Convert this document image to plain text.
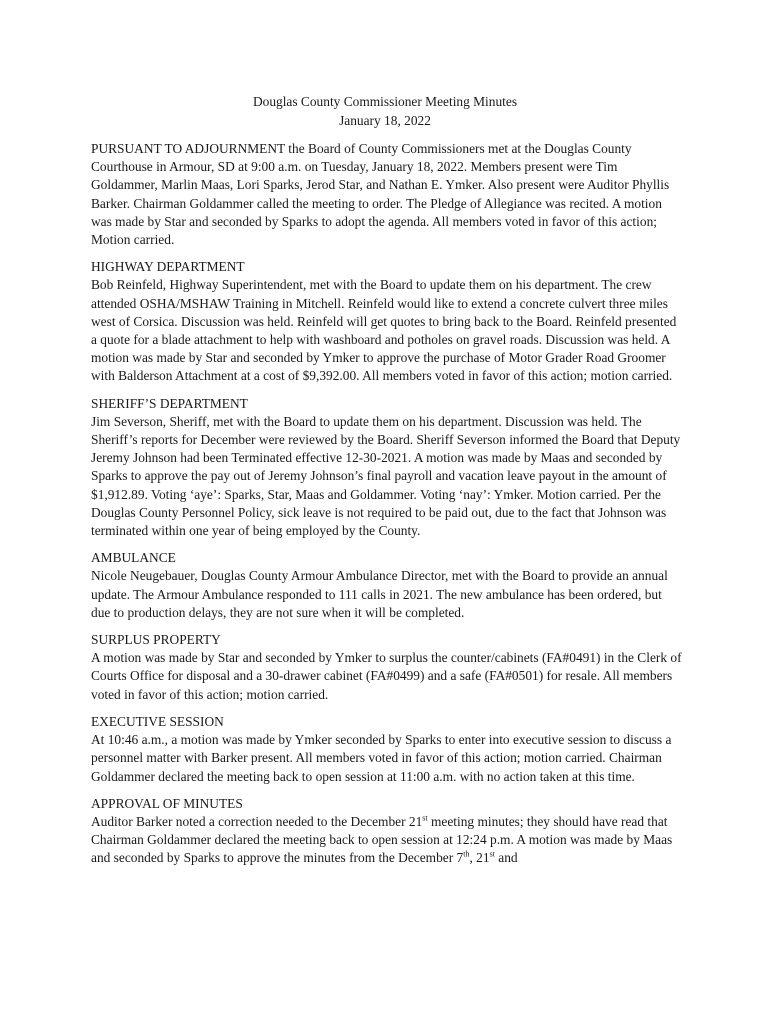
Douglas County Commissioner Meeting Minutes
January 18, 2022

PURSUANT TO ADJOURNMENT the Board of County Commissioners met at the Douglas County Courthouse in Armour, SD at 9:00 a.m. on Tuesday, January 18, 2022. Members present were Tim Goldammer, Marlin Maas, Lori Sparks, Jerod Star, and Nathan E. Ymker. Also present were Auditor Phyllis Barker. Chairman Goldammer called the meeting to order. The Pledge of Allegiance was recited. A motion was made by Star and seconded by Sparks to adopt the agenda. All members voted in favor of this action; Motion carried.

HIGHWAY DEPARTMENT

Bob Reinfeld, Highway Superintendent, met with the Board to update them on his department. The crew attended OSHA/MSHAW Training in Mitchell. Reinfeld would like to extend a concrete culvert three miles west of Corsica. Discussion was held. Reinfeld will get quotes to bring back to the Board. Reinfeld presented a quote for a blade attachment to help with washboard and potholes on gravel roads. Discussion was held. A motion was made by Star and seconded by Ymker to approve the purchase of Motor Grader Road Groomer with Balderson Attachment at a cost of $9,392.00. All members voted in favor of this action; motion carried.

SHERIFF’S DEPARTMENT

Jim Severson, Sheriff, met with the Board to update them on his department. Discussion was held. The Sheriff’s reports for December were reviewed by the Board. Sheriff Severson informed the Board that Deputy Jeremy Johnson had been Terminated effective 12-30-2021. A motion was made by Maas and seconded by Sparks to approve the pay out of Jeremy Johnson’s final payroll and vacation leave payout in the amount of $1,912.89. Voting ‘aye’: Sparks, Star, Maas and Goldammer. Voting ‘nay’: Ymker. Motion carried. Per the Douglas County Personnel Policy, sick leave is not required to be paid out, due to the fact that Johnson was terminated within one year of being employed by the County.

AMBULANCE

Nicole Neugebauer, Douglas County Armour Ambulance Director, met with the Board to provide an annual update. The Armour Ambulance responded to 111 calls in 2021. The new ambulance has been ordered, but due to production delays, they are not sure when it will be completed.

SURPLUS PROPERTY

A motion was made by Star and seconded by Ymker to surplus the counter/cabinets (FA#0491) in the Clerk of Courts Office for disposal and a 30-drawer cabinet (FA#0499) and a safe (FA#0501) for resale. All members voted in favor of this action; motion carried.

EXECUTIVE SESSION

At 10:46 a.m., a motion was made by Ymker seconded by Sparks to enter into executive session to discuss a personnel matter with Barker present. All members voted in favor of this action; motion carried. Chairman Goldammer declared the meeting back to open session at 11:00 a.m. with no action taken at this time.

APPROVAL OF MINUTES

Auditor Barker noted a correction needed to the December 21st meeting minutes; they should have read that Chairman Goldammer declared the meeting back to open session at 12:24 p.m. A motion was made by Maas and seconded by Sparks to approve the minutes from the December 7th, 21st and
